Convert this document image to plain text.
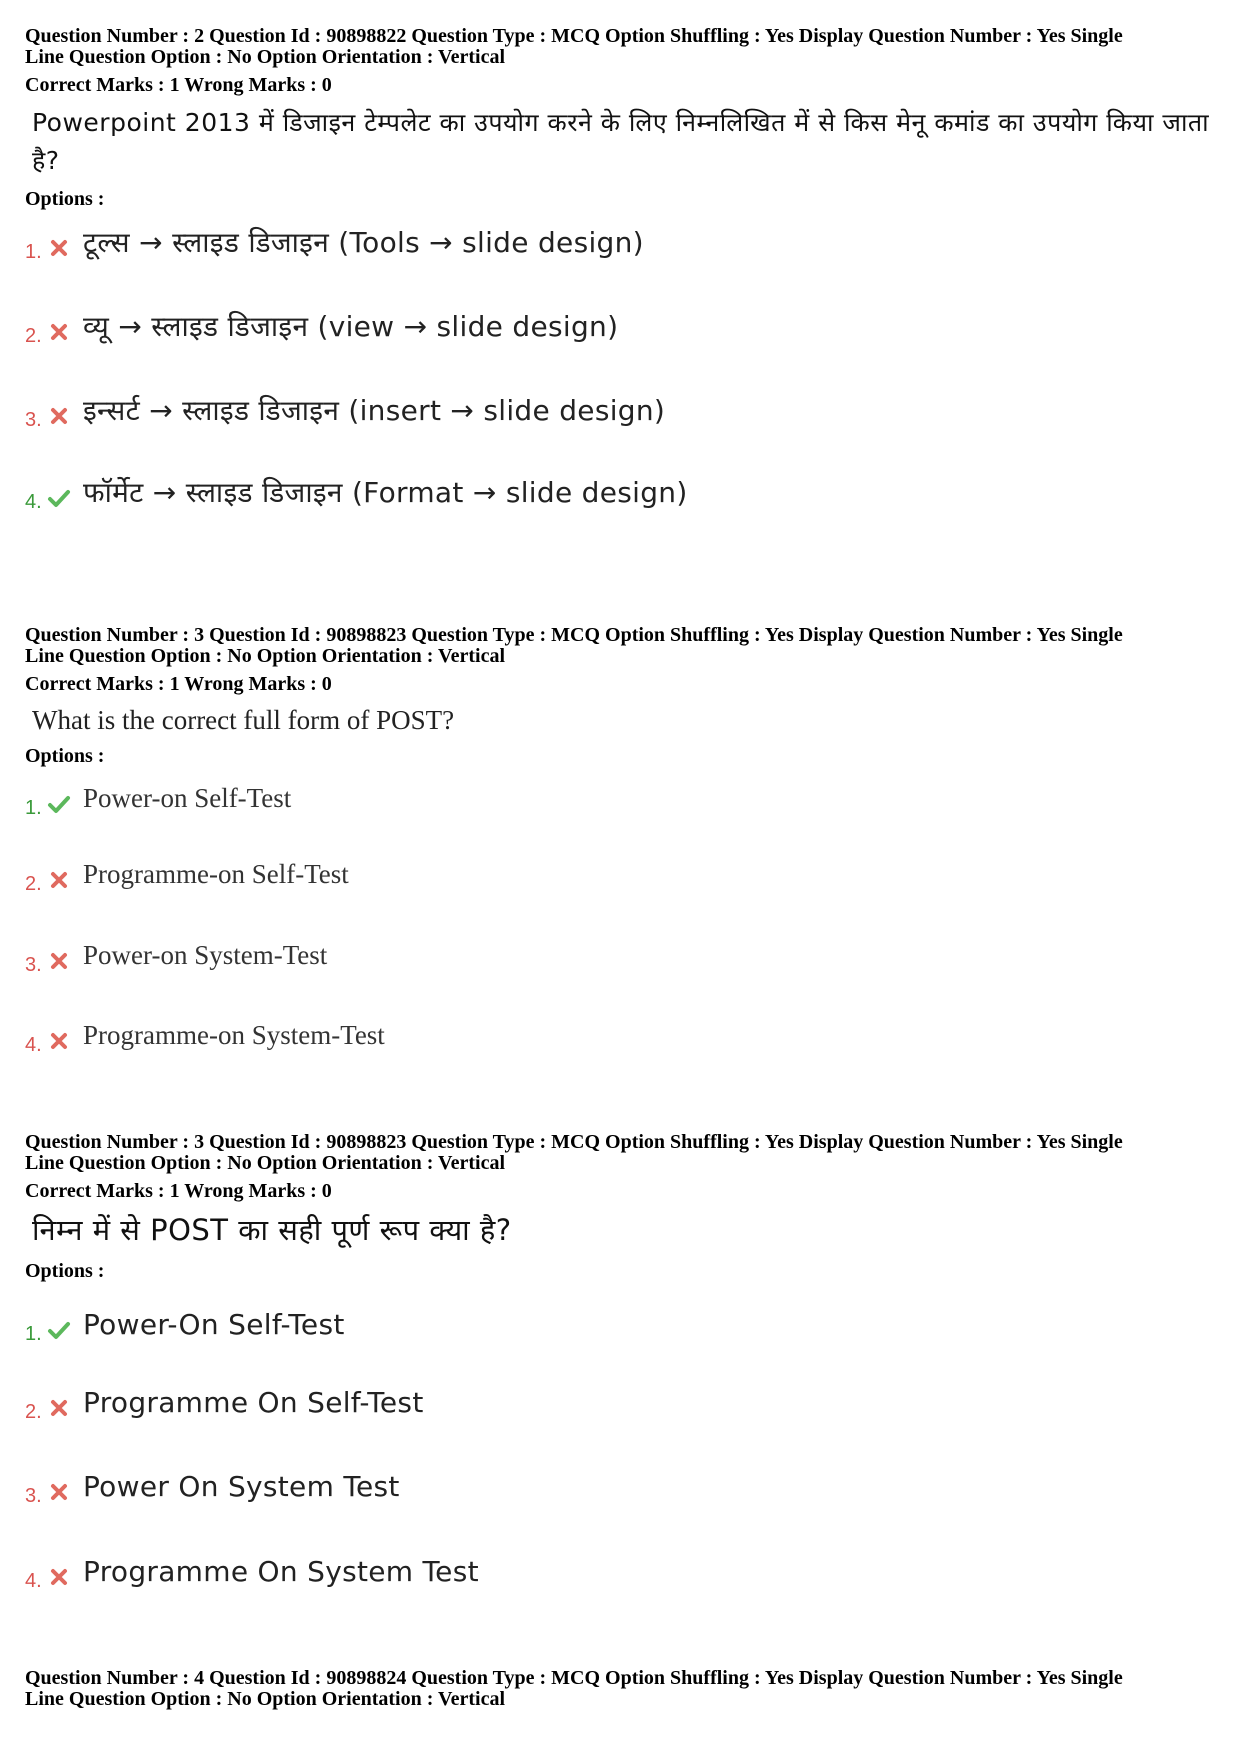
Question Number : 2 Question Id : 90898822 Question Type : MCQ Option Shuffling : Yes Display Question Number : Yes Single

Line Question Option : No Option Orientation : Vertical

Correct Marks : 1 Wrong Marks : 0
Powerpoint 2013 में डिजाइन टेम्पलेट का उपयोग करने के लिए निम्नलिखित में से किस मेनू कमांड का उपयोग किया जाता है?
Options :
1. टूल्स → स्लाइड डिजाइन (Tools → slide design)
2. व्यू → स्लाइड डिजाइन (view → slide design)
3. इन्सर्ट → स्लाइड डिजाइन (insert → slide design)
4. फॉर्मेट → स्लाइड डिजाइन (Format → slide design)

Question Number : 3 Question Id : 90898823 Question Type : MCQ Option Shuffling : Yes Display Question Number : Yes Single

Line Question Option : No Option Orientation : Vertical

Correct Marks : 1 Wrong Marks : 0
What is the correct full form of POST?
Options :
1. Power-on Self-Test
2. Programme-on Self-Test
3. Power-on System-Test
4. Programme-on System-Test

Question Number : 3 Question Id : 90898823 Question Type : MCQ Option Shuffling : Yes Display Question Number : Yes Single

Line Question Option : No Option Orientation : Vertical

Correct Marks : 1 Wrong Marks : 0
निम्न में से POST का सही पूर्ण रूप क्या है?
Options :
1. Power-On Self-Test
2. Programme On Self-Test
3. Power On System Test
4. Programme On System Test

Question Number : 4 Question Id : 90898824 Question Type : MCQ Option Shuffling : Yes Display Question Number : Yes Single

Line Question Option : No Option Orientation : Vertical
